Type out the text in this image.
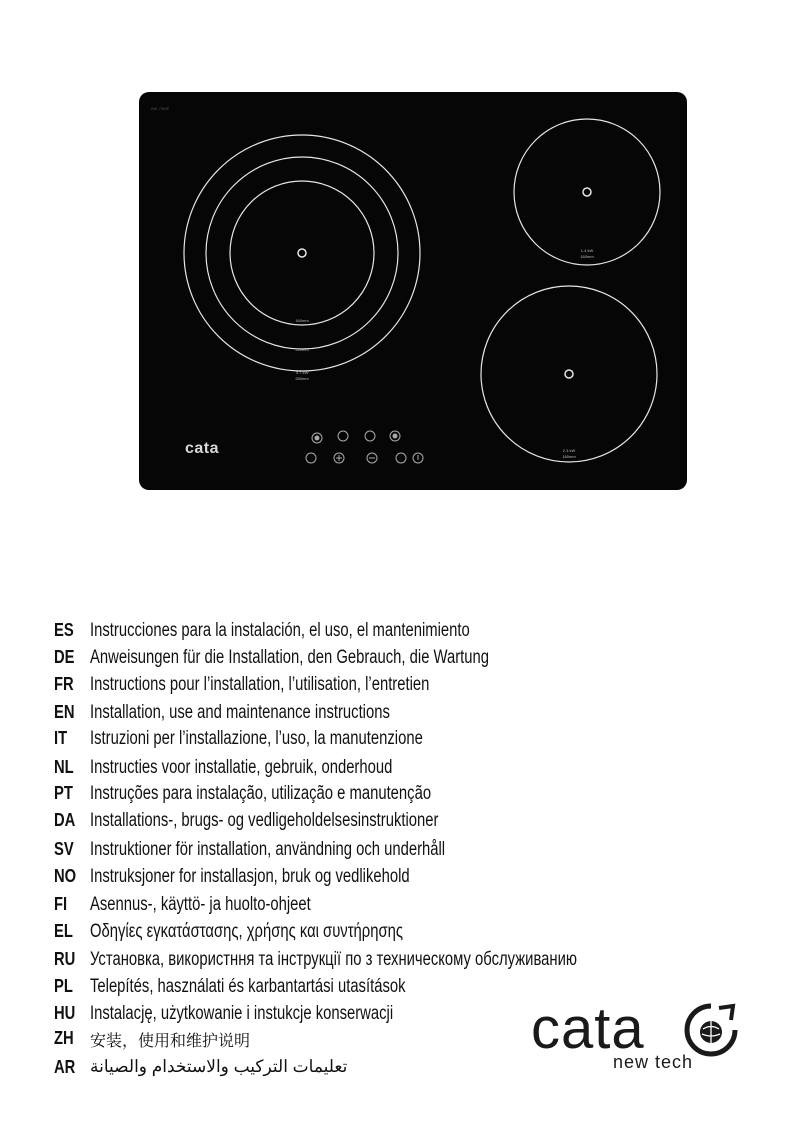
INK 745/E
cata
160mm
220mm
3.7 kW
280mm
1.4 kW
160mm
2.3 kW
180mm
ES Instrucciones para la instalación, el uso, el mantenimiento
DE Anweisungen für die Installation, den Gebrauch, die Wartung
FR Instructions pour l’installation, l’utilisation, l’entretien
EN Installation, use and maintenance instructions
IT	Istruzioni per l’installazione, l’uso, la manutenzione
NL Instructies voor installatie, gebruik, onderhoud
PT Instruções para instalação, utilização e manutenção
DA Installations-, brugs- og vedligeholdelsesinstruktioner
SV Instruktioner för installation, användning och underhåll
NO Instruksjoner for installasjon, bruk og vedlikehold
FI	Asennus-, käyttö- ja huolto-ohjeet
EL Οδηγίες εγκατάστασης, χρήσης και συντήρησης
RU Установка, використння та інструкції по з техническому обслуживанию
PL Telepítés, használati és karbantartási utasítások
HU Instalację, użytkowanie i instukcje konserwacji
ZH	安装，使用和维护说明
AR تعليمات التركيب والاستخدام والصيانة
cata
new tech
